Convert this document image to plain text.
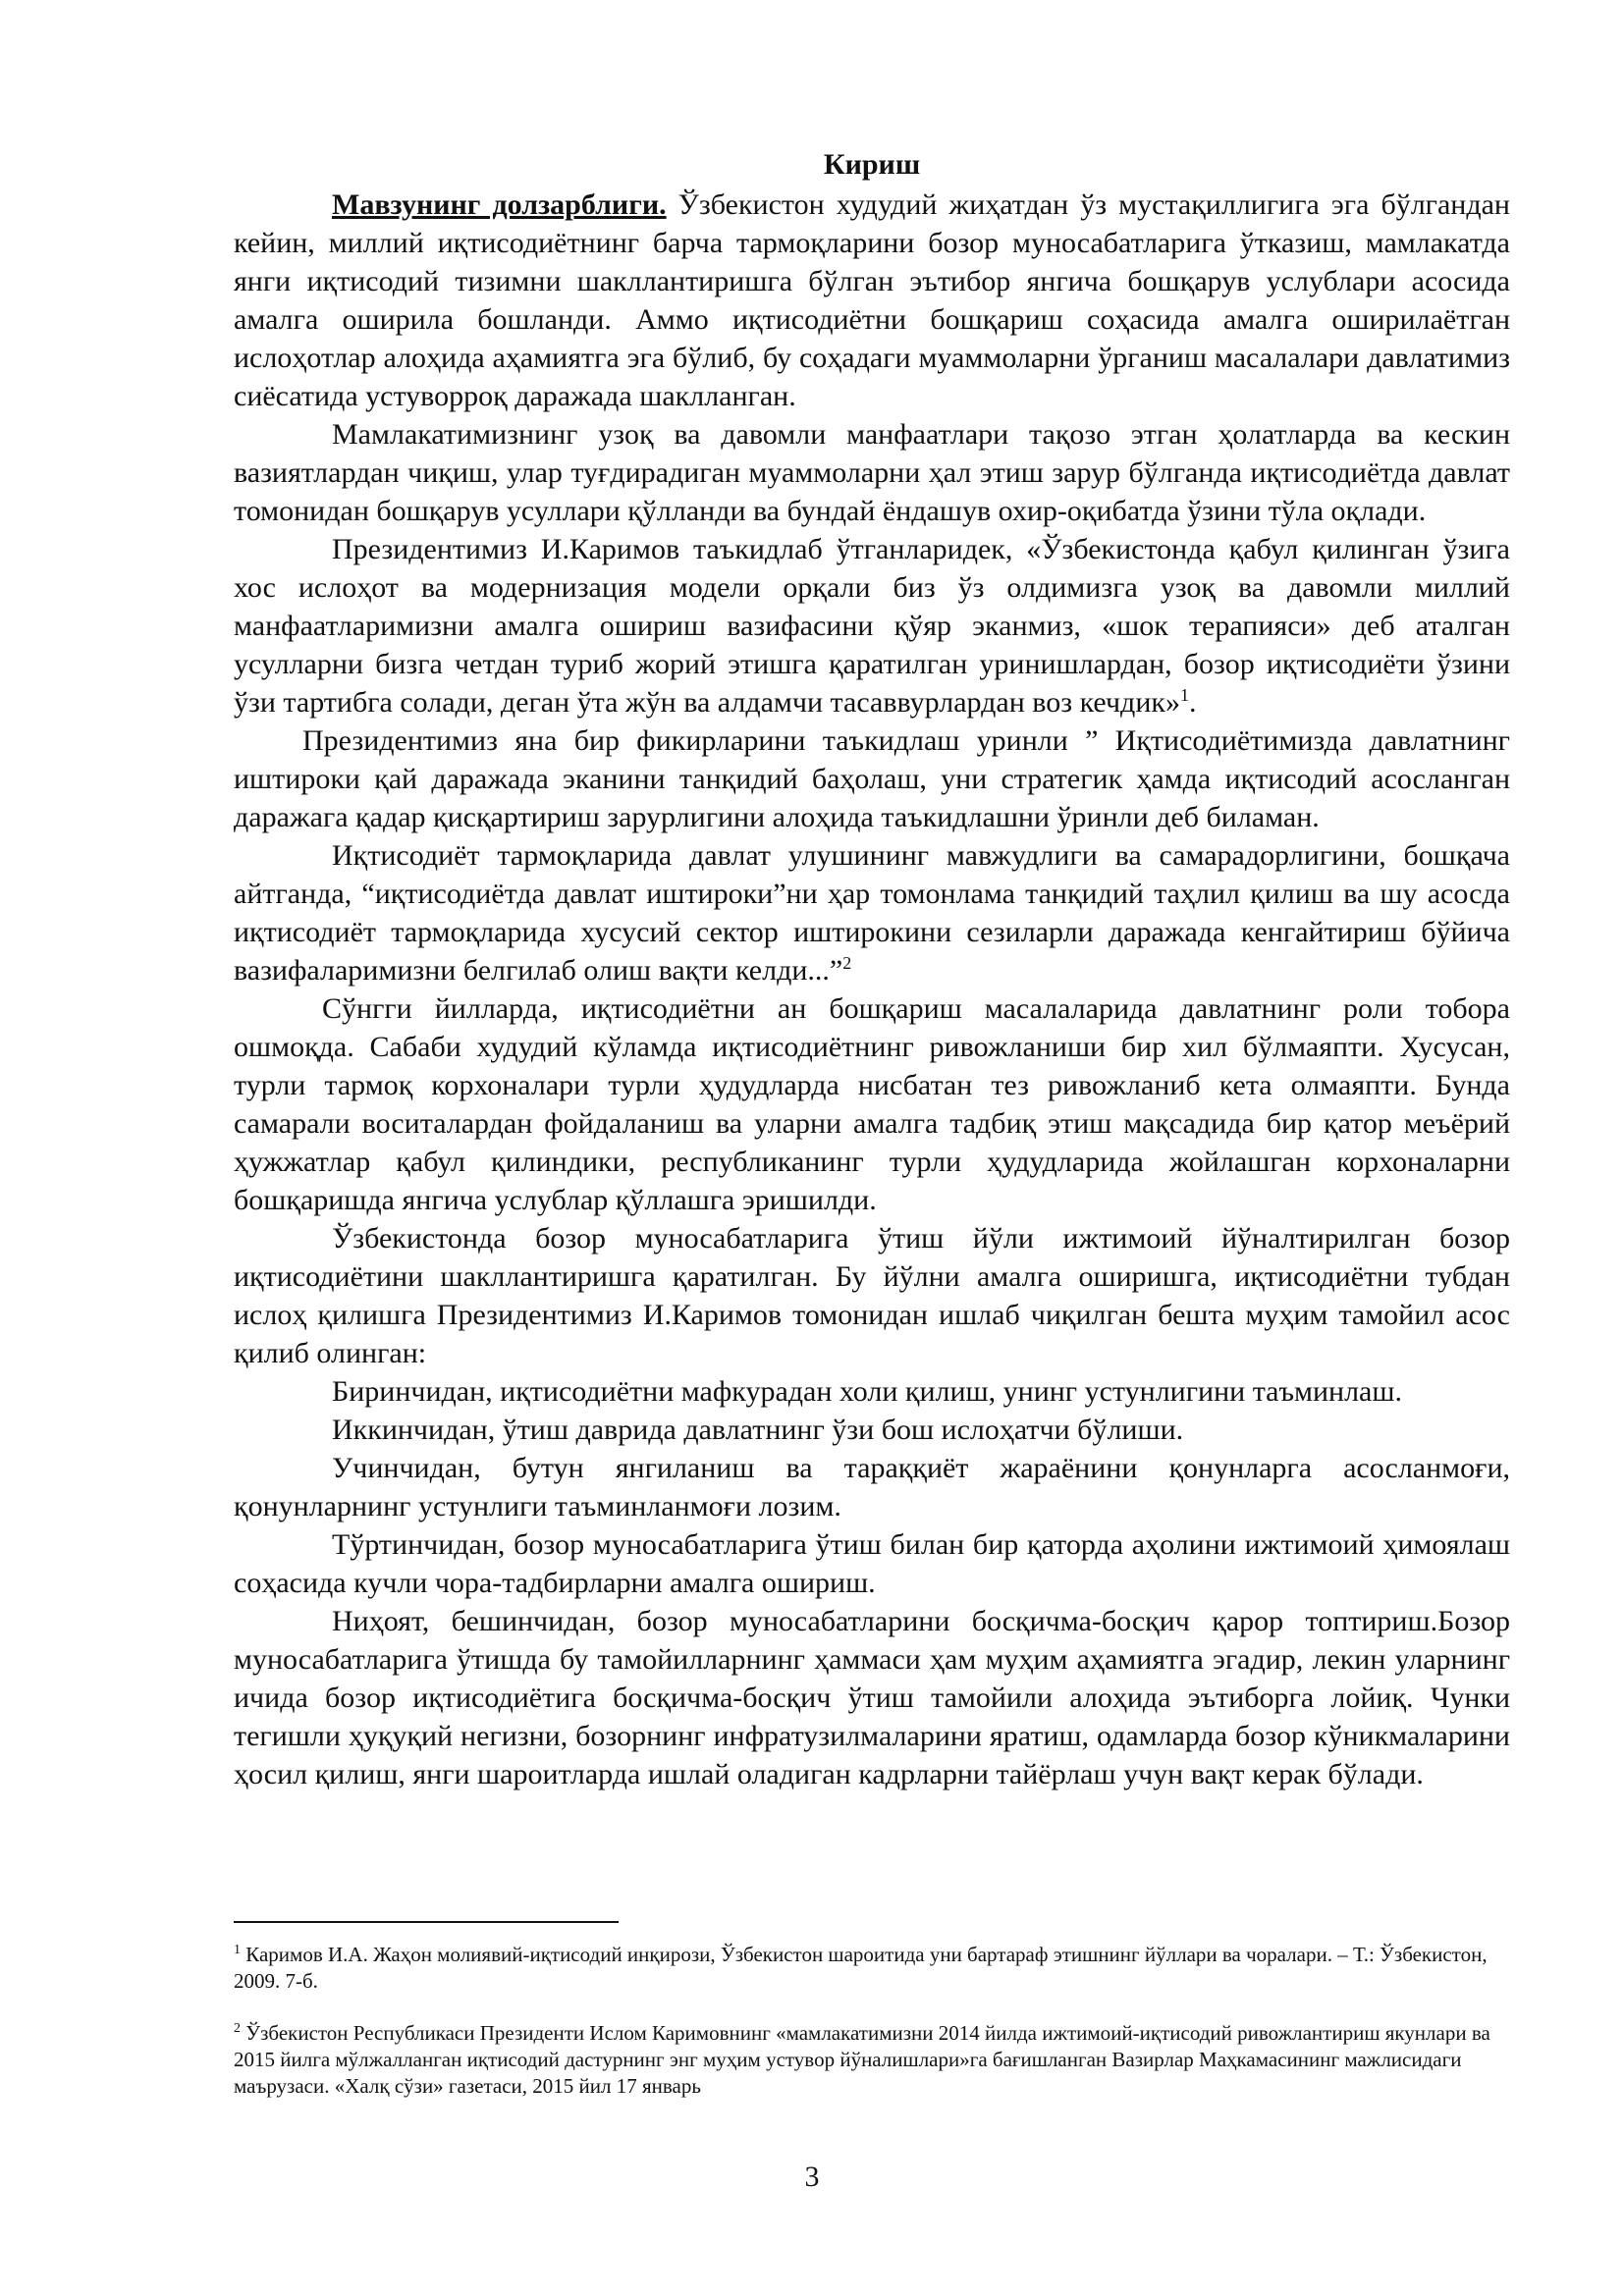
Кириш

Мавзунинг долзарблиги. Ўзбекистон худудий жиҳатдан ўз мустақиллигига эга бўлгандан кейин, миллий иқтисодиётнинг барча тармоқларини бозор муносабатларига ўтказиш, мамлакатда янги иқтисодий тизимни шакллантиришга бўлган эътибор янгича бошқарув услублари асосида амалга оширила бошланди. Аммо иқтисодиётни бошқариш соҳасида амалга оширилаётган ислоҳотлар алоҳида аҳамиятга эга бўлиб, бу соҳадаги муаммоларни ўрганиш масалалари давлатимиз сиёсатида устуворроқ даражада шаклланган.

Мамлакатимизнинг узоқ ва давомли манфаатлари тақозо этган ҳолатларда ва кескин вазиятлардан чиқиш, улар туғдирадиган муаммоларни ҳал этиш зарур бўлганда иқтисодиётда давлат томонидан бошқарув усуллари қўлланди ва бундай ёндашув охир-оқибатда ўзини тўла оқлади.

Президентимиз И.Каримов таъкидлаб ўтганларидек, «Ўзбекистонда қабул қилинган ўзига хос ислоҳот ва модернизация модели орқали биз ўз олдимизга узоқ ва давомли миллий манфаатларимизни амалга ошириш вазифасини қўяр эканмиз, «шок терапияси» деб аталган усулларни бизга четдан туриб жорий этишга қаратилган уринишлардан, бозор иқтисодиёти ўзини ўзи тартибга солади, деган ўта жўн ва алдамчи тасаввурлардан воз кечдик»$^1$.

Президентимиз яна бир фикирларини таъкидлаш уринли ” Иқтисодиётимизда давлатнинг иштироки қай даражада эканини танқидий баҳолаш, уни стратегик ҳамда иқтисодий асосланган даражага қадар қисқартириш зарурлигини алоҳида таъкидлашни ўринли деб биламан.

Иқтисодиёт тармоқларида давлат улушининг мавжудлиги ва самарадорлигини, бошқача айтганда, “иқтисодиётда давлат иштироки”ни ҳар томонлама танқидий таҳлил қилиш ва шу асосда иқтисодиёт тармоқларида хусусий сектор иштирокини сезиларли даражада кенгайтириш бўйича вазифаларимизни белгилаб олиш вақти келди...”$^2$

Сўнгги йилларда, иқтисодиётни ан бошқариш масалаларида давлатнинг роли тобора ошмоқда. Сабаби худудий кўламда иқтисодиётнинг ривожланиши бир хил бўлмаяпти. Хусусан, турли тармоқ корхоналари турли ҳудудларда нисбатан тез ривожланиб кета олмаяпти. Бунда самарали воситалардан фойдаланиш ва уларни амалга тадбиқ этиш мақсадида бир қатор меъёрий ҳужжатлар қабул қилиндики, республиканинг турли ҳудудларида жойлашган корхоналарни бошқаришда янгича услублар қўллашга эришилди.

Ўзбекистонда бозор муносабатларига ўтиш йўли ижтимоий йўналтирилган бозор иқтисодиётини шакллантиришга қаратилган. Бу йўлни амалга оширишга, иқтисодиётни тубдан ислоҳ қилишга Президентимиз И.Каримов томонидан ишлаб чиқилган бешта муҳим тамойил асос қилиб олинган:

Биринчидан, иқтисодиётни мафкурадан холи қилиш, унинг устунлигини таъминлаш.

Иккинчидан, ўтиш даврида давлатнинг ўзи бош ислоҳатчи бўлиши.

Учинчидан, бутун янгиланиш ва тараққиёт жараёнини қонунларга асосланмоғи, қонунларнинг устунлиги таъминланмоғи лозим.

Тўртинчидан, бозор муносабатларига ўтиш билан бир қаторда аҳолини ижтимоий ҳимоялаш соҳасида кучли чора-тадбирларни амалга ошириш.

Ниҳоят, бешинчидан, бозор муносабатларини босқичма-босқич қарор топтириш.Бозор муносабатларига ўтишда бу тамойилларнинг ҳаммаси ҳам муҳим аҳамиятга эгадир, лекин уларнинг ичида бозор иқтисодиётига босқичма-босқич ўтиш тамойили алоҳида эътиборга лойиқ. Чунки тегишли ҳуқуқий негизни, бозорнинг инфратузилмаларини яратиш, одамларда бозор кўникмаларини ҳосил қилиш, янги шароитларда ишлай оладиган кадрларни тайёрлаш учун вақт керак бўлади.

$^1$ Каримов И.А. Жаҳон молиявий-иқтисодий инқирози, Ўзбекистон шароитида уни бартараф этишнинг йўллари ва чоралари. – Т.: Ўзбекистон, 2009. 7-б.

$^2$ Ўзбекистон Республикаси Президенти Ислом Каримовнинг «мамлакатимизни 2014 йилда ижтимоий-иқтисодий ривожлантириш якунлари ва 2015 йилга мўлжалланган иқтисодий дастурнинг энг муҳим устувор йўналишлари»га бағишланган Вазирлар Маҳкамасининг мажлисидаги маърузаси. «Халқ сўзи» газетаси, 2015 йил 17 январь

3
